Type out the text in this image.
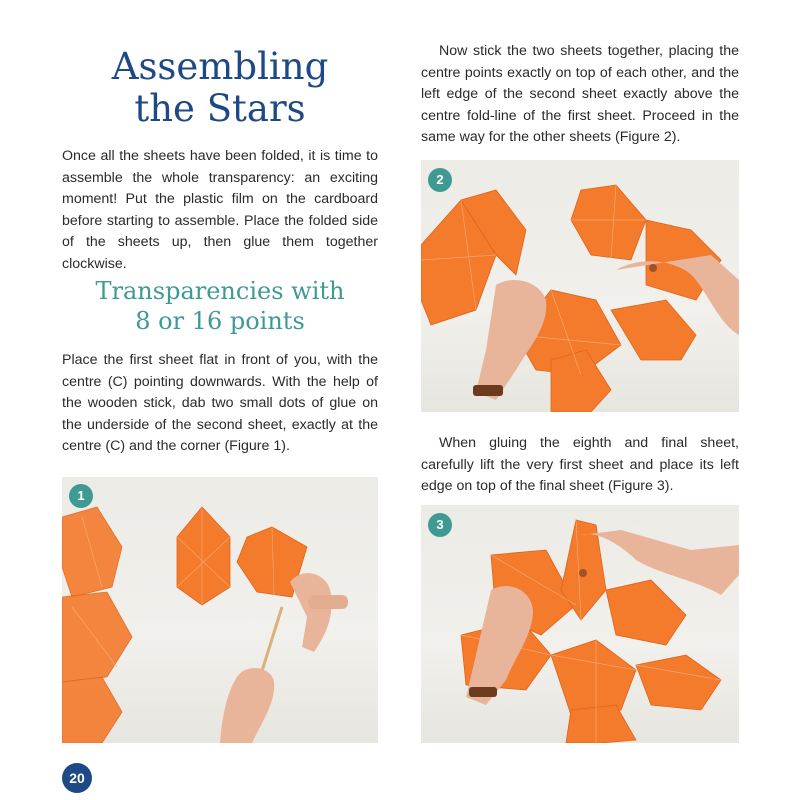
Assembling
the Stars

Once all the sheets have been folded, it is time to assemble the whole transparency: an exciting moment! Put the plastic film on the cardboard before starting to assemble. Place the folded side of the sheets up, then glue them together clockwise.

Transparencies with
8 or 16 points

Place the first sheet flat in front of you, with the centre (C) pointing downwards. With the help of the wooden stick, dab two small dots of glue on the underside of the second sheet, exactly at the centre (C) and the corner (Figure 1).

1

Now stick the two sheets together, placing the centre points exactly on top of each other, and the left edge of the second sheet exactly above the centre fold-line of the first sheet. Proceed in the same way for the other sheets (Figure 2).

2

When gluing the eighth and final sheet, carefully lift the very first sheet and place its left edge on top of the final sheet (Figure 3).

3
20
